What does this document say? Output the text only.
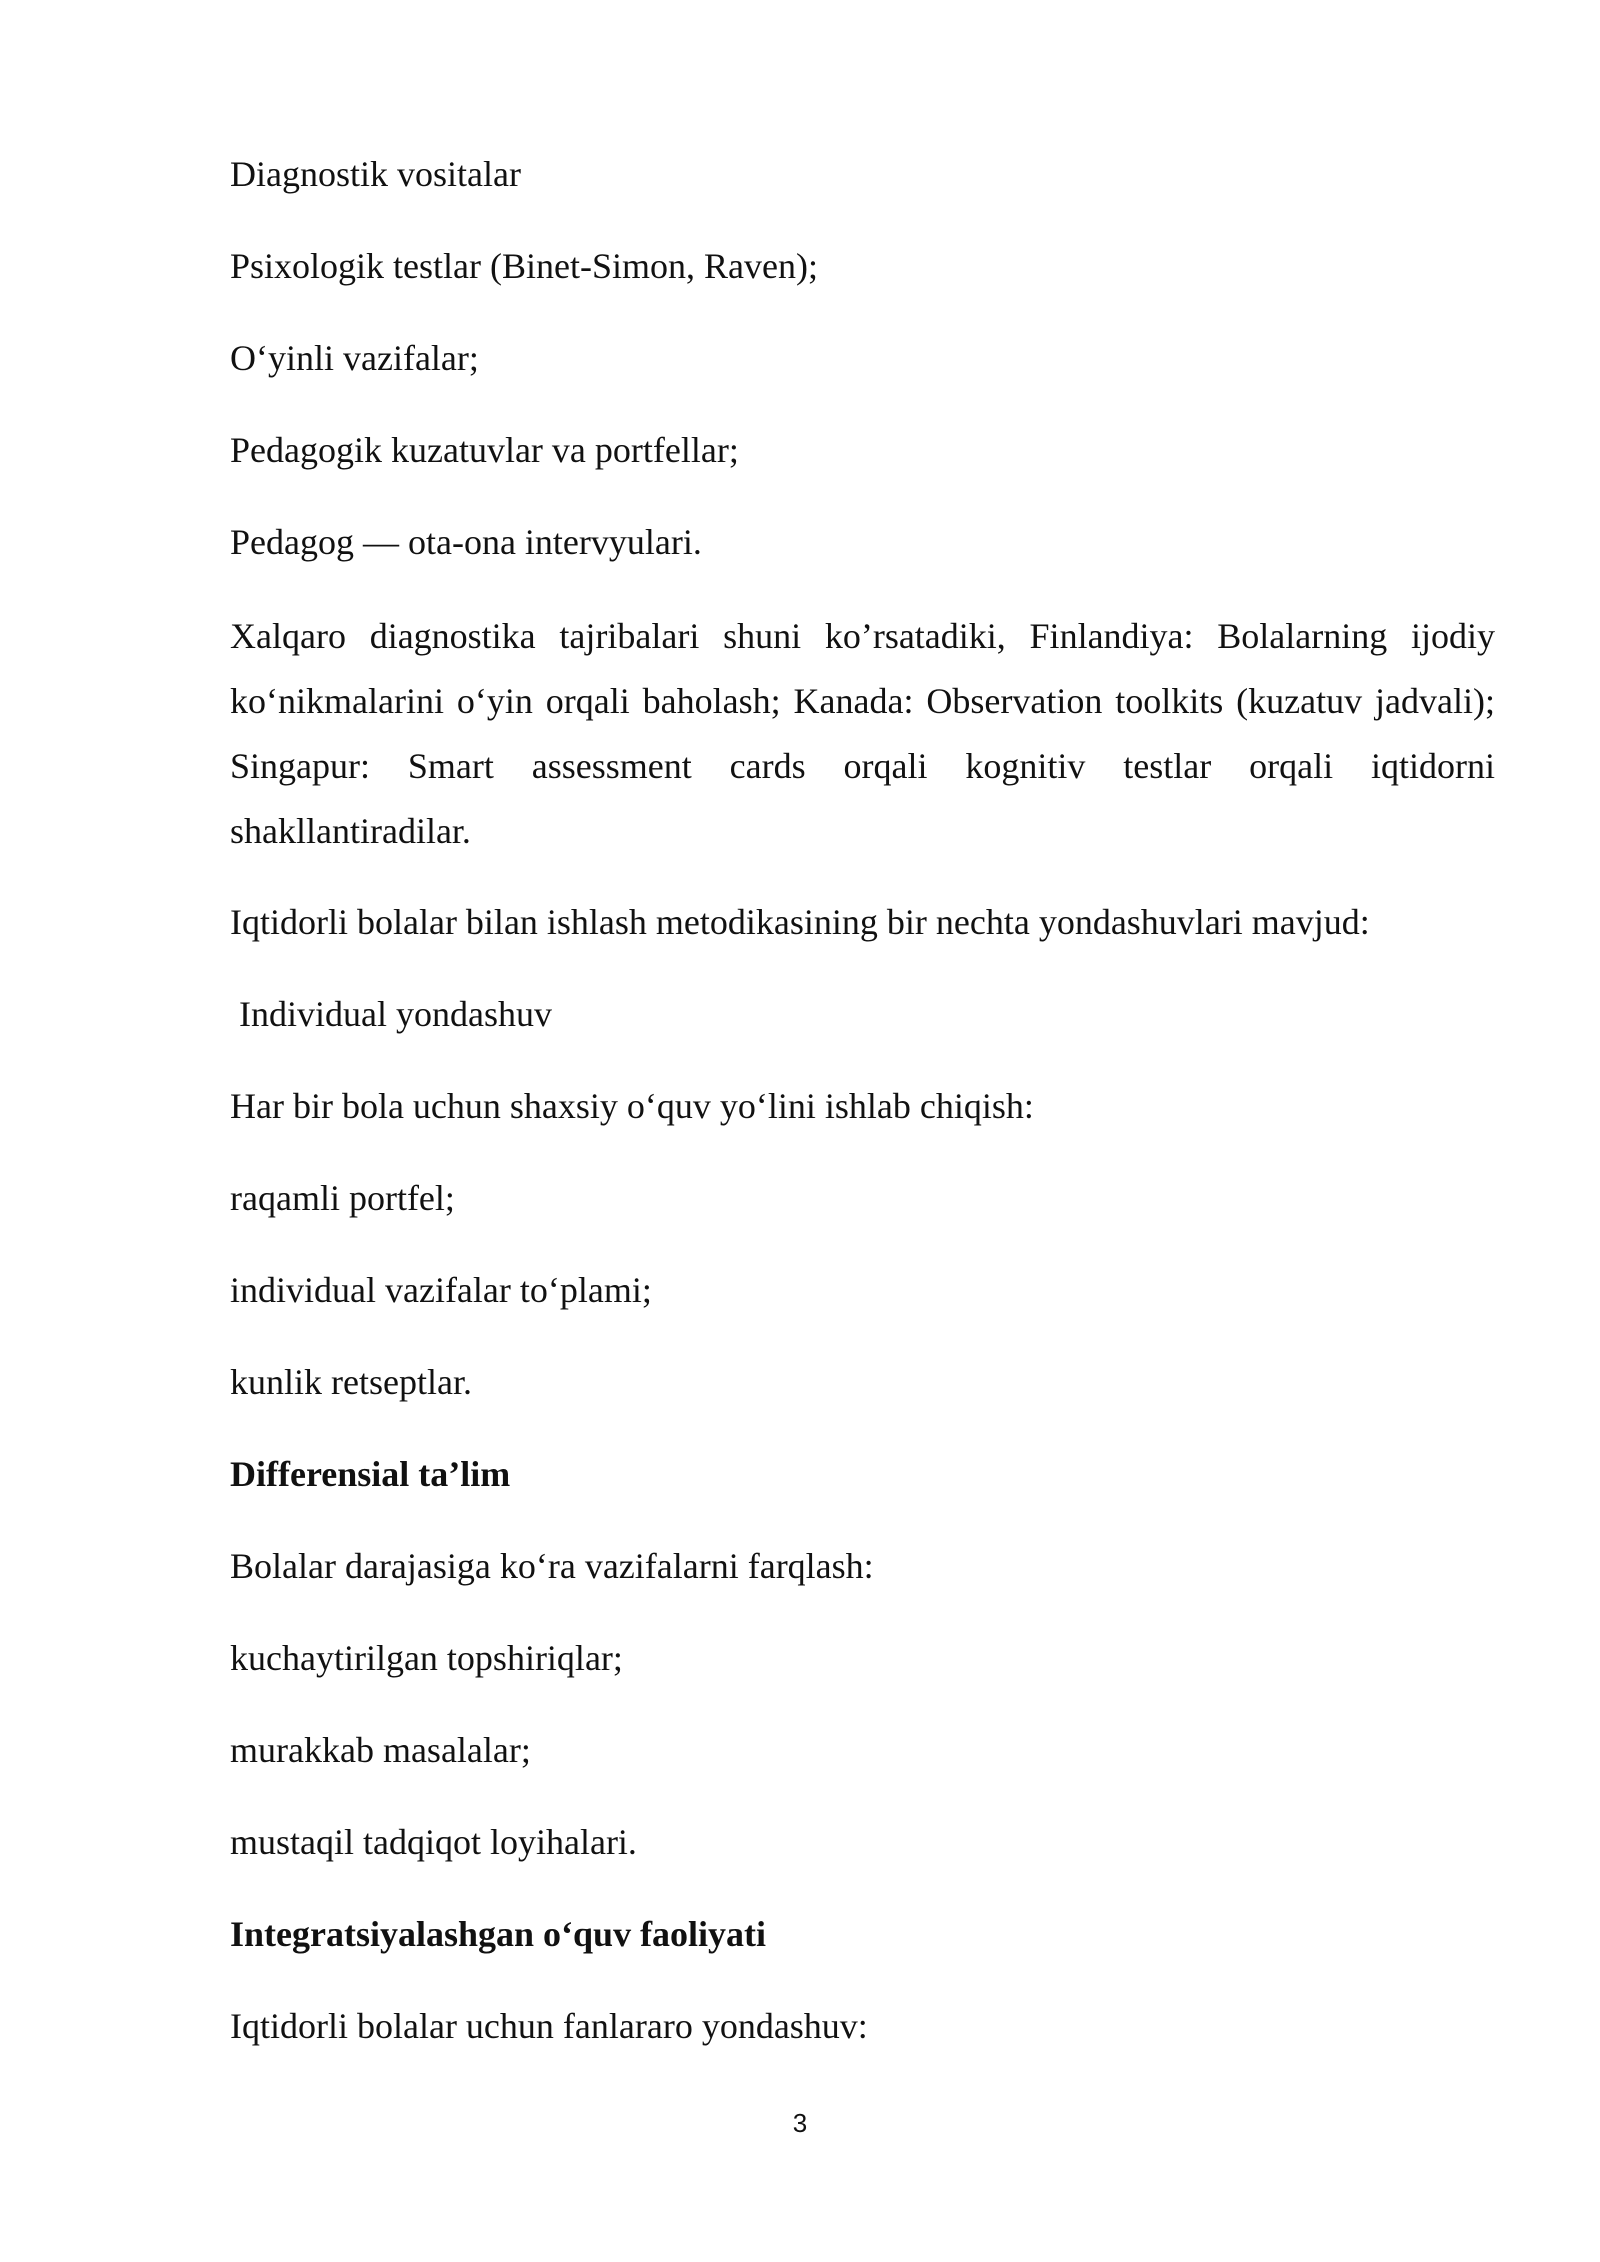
Diagnostik vositalar

Psixologik testlar (Binet-Simon, Raven);

O‘yinli vazifalar;

Pedagogik kuzatuvlar va portfellar;

Pedagog — ota-ona intervyulari.

Xalqaro diagnostika tajribalari shuni ko’rsatadiki, Finlandiya: Bolalarning ijodiy ko‘nikmalarini o‘yin orqali baholash; Kanada: Observation toolkits (kuzatuv jadvali); Singapur: Smart assessment cards orqali kognitiv testlar orqali iqtidorni shakllantiradilar.

Iqtidorli bolalar bilan ishlash metodikasining bir nechta yondashuvlari mavjud:

Individual yondashuv

Har bir bola uchun shaxsiy o‘quv yo‘lini ishlab chiqish:

raqamli portfel;

individual vazifalar to‘plami;

kunlik retseptlar.

Differensial ta’lim

Bolalar darajasiga ko‘ra vazifalarni farqlash:

kuchaytirilgan topshiriqlar;

murakkab masalalar;

mustaqil tadqiqot loyihalari.

Integratsiyalashgan o‘quv faoliyati

Iqtidorli bolalar uchun fanlararo yondashuv:

3
